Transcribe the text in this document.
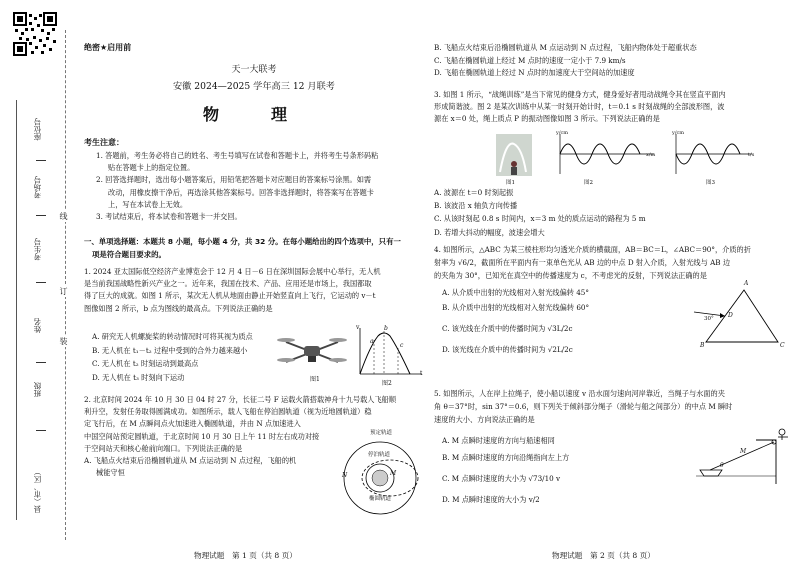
座位号
考场号
考生号
姓名
班级
县（市、区）
线
订
装
绝密★启用前
天一大联考
安徽 2024—2025 学年高三 12 月联考
物　理
考生注意：
1. 答题前，考生务必将自己的姓名、考生号填写在试卷和答题卡上，并将考生号条形码粘
贴在答题卡上的指定位置。
2. 回答选择题时，选出每小题答案后，用铅笔把答题卡对应题目的答案标号涂黑。如需
改动，用橡皮擦干净后，再选涂其他答案标号。回答非选择题时，将答案写在答题卡
上，写在本试卷上无效。
3. 考试结束后，将本试卷和答题卡一并交回。
一、单项选择题：本题共 8 小题，每小题 4 分，共 32 分。在每小题给出的四个选项中，只有一
项是符合题目要求的。
1. 2024 亚太国际低空经济产业博览会于 12 月 4 日－6 日在深圳国际会展中心举行，无人机
是当前我国战略性新兴产业之一。近年来，我国在技术、产品、应用还是市场上，我国都取
得了巨大的成就。如图 1 所示，某次无人机从地面由静止开始竖直向上飞行，它运动的 v－t
图像如图 2 所示，b 点为图线的最高点。下列说法正确的是
A. 研究无人机螺旋桨的转动情况时可将其视为质点
B. 无人机在 t₁－t₂ 过程中受到的合外力越来越小
C. 无人机在 t₂ 时刻运动到最高点
D. 无人机在 t₃ 时刻向下运动	图1
v
t
a
b
c
图2
2. 北京时间 2024 年 10 月 30 日 04 时 27 分，长征二号 F 运载火箭搭载神舟十九号载人飞船顺
利升空，发射任务取得圆满成功。如图所示，载人飞船在停泊圆轨道（视为近地圆轨道）稳
定飞行后，在 M 点瞬间点火加速进入椭圆轨道，并由 N 点加速进入
中国空间站预定圆轨道，于北京时间 10 月 30 日上午 11 时左右成功对接
于空间站天和核心舱前向端口。下列说法正确的是
A. 飞船点火结束后沿椭圆轨道从 M 点运动到 N 点过程，飞船的机
械能守恒
预定轨道
停泊轨道
椭圆轨道
N	M
物理试题　第 1 页（共 8 页）
B. 飞船点火结束后沿椭圆轨道从 M 点运动到 N 点过程，飞船内物体处于超重状态
C. 飞船在椭圆轨道上经过 M 点时的速度一定小于 7.9 km/s
D. 飞船在椭圆轨道上经过 N 点时的加速度大于空间站的加速度
3. 如图 1 所示，“战绳训练”是当下常见的健身方式，健身爱好者甩动战绳令其在竖直平面内
形成简谐波。图 2 是某次训练中从某一时刻开始计时，t＝0.1 s 时刻战绳的全部波形图，波
源在 x＝0 处，绳上质点 P 的振动图像如图 3 所示。下列说法正确的是
y/cm
x/m
图2
图1
y/cm
t/s
图3
A. 波源在 t＝0 时刻起振
B. 该波沿 x 轴负方向传播
C. 从该时刻起 0.8 s 时间内，x＝3 m 处的质点运动的路程为 5 m
D. 若增大抖动的幅度，波速会增大
4. 如图所示，△ABC 为某三棱柱形均匀透光介质的横截面，AB＝BC＝L，∠ABC＝90°，介质的折
射率为 √6/2，截面所在平面内有一束单色光从 AB 边的中点 D 射入介质，入射光线与 AB 边
的夹角为 30°，已知光在真空中的传播速度为 c，不考虑光的反射，下列说法正确的是
A. 从介质中出射的光线相对入射光线偏转 45°
B. 从介质中出射的光线相对入射光线偏转 60°
C. 该光线在介质中的传播时间为 √3L/2c
D. 该光线在介质中的传播时间为 √2L/2c
A
B	C
D
30°
5. 如图所示，人在岸上拉绳子，使小船以速度 v 沿水面匀速向河岸靠近，当绳子与水面的夹
角 θ＝37°时，sin 37°＝0.6，则下列关于倾斜部分绳子（滑轮与船之间部分）的中点 M 瞬时
速度的大小、方向说法正确的是
A. M 点瞬时速度的方向与船速相同
B. M 点瞬时速度的方向沿绳指向左上方
C. M 点瞬时速度的大小为 √73/10 v
D. M 点瞬时速度的大小为 v/2
M
θ
物理试题　第 2 页（共 8 页）
